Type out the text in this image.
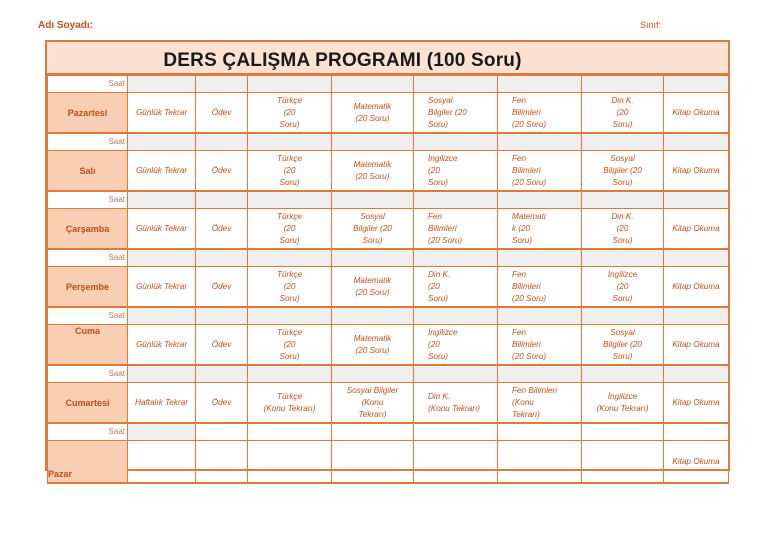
Adı Soyadı:	Sınıf:
DERS ÇALIŞMA PROGRAMI (100 Soru)
Saat								
Pazartesi	Günlük Tekrar	Ödev	Türkçe
(20
Soru)	Matematik
(20 Soru)	Sosyal
Bilgiler (20
Soru)	Fen
Bilimleri
(20 Soru)	Din K.
(20
Soru)	Kitap Okuma
Saat								
Salı	Günlük Tekrar	Ödev	Türkçe
(20
Soru)	Matematik
(20 Soru)	İngilizce
(20
Soru)	Fen
Bilimleri
(20 Soru)	Sosyal
Bilgiler (20
Soru)	Kitap Okuma
Saat								
Çarşamba	Günlük Tekrar	Ödev	Türkçe
(20
Soru)	Sosyal
Bilgiler (20
Soru)	Fen
Bilimleri
(20 Soru)	Matemati
k (20
Soru)	Din K.
(20
Soru)	Kitap Okuma
Saat								
Perşembe	Günlük Tekrar	Ödev	Türkçe
(20
Soru)	Matematik
(20 Soru)	Din K.
(20
Soru)	Fen
Bilimleri
(20 Soru)	İngilizce
(20
Soru)	Kitap Okuma
Saat								
Cuma	Günlük Tekrar	Ödev	Türkçe
(20
Soru)	Matematik
(20 Soru)	İngilizce
(20
Soru)	Fen
Bilimleri
(20 Soru)	Sosyal
Bilgiler (20
Soru)	Kitap Okuma
Saat								
Cumartesi	Haftalık Tekrar	Ödev	Türkçe
(Konu Tekrarı)	Sosyal Bilgiler
(Konu
Tekrarı)	Din K.
(Konu Tekrarı)	Fen Bilimleri
(Konu
Tekrarı)	İngilizce
(Konu Tekrarı)	Kitap Okuma
Saat								
Pazar								Kitap Okuma
